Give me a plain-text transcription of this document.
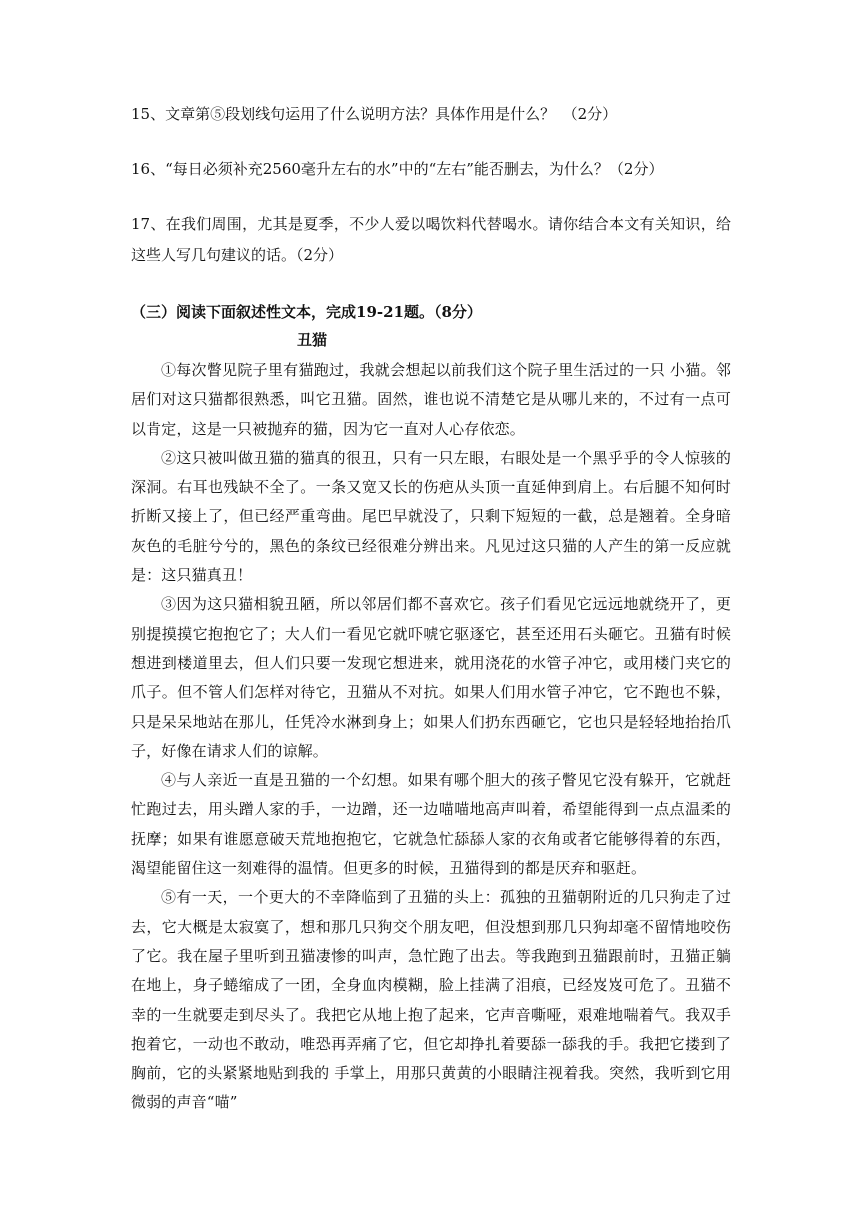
15、文章第⑤段划线句运用了什么说明方法？具体作用是什么？　（2分）

16、“每日必须补充2560毫升左右的水”中的“左右”能否删去，为什么？（2分）

17、在我们周围，尤其是夏季，不少人爱以喝饮料代替喝水。请你结合本文有关知识，给这些人写几句建议的话。（2分）

（三）阅读下面叙述性文本，完成19-21题。（8分）

丑猫

①每次瞥见院子里有猫跑过，我就会想起以前我们这个院子里生活过的一只 小猫。邻居们对这只猫都很熟悉，叫它丑猫。固然，谁也说不清楚它是从哪儿来的，不过有一点可以肯定，这是一只被抛弃的猫，因为它一直对人心存依恋。

②这只被叫做丑猫的猫真的很丑，只有一只左眼，右眼处是一个黑乎乎的令人惊骇的深洞。右耳也残缺不全了。一条又宽又长的伤疤从头顶一直延伸到肩上。右后腿不知何时折断又接上了，但已经严重弯曲。尾巴早就没了，只剩下短短的一截，总是翘着。全身暗灰色的毛脏兮兮的，黑色的条纹已经很难分辨出来。凡见过这只猫的人产生的第一反应就是：这只猫真丑！

③因为这只猫相貌丑陋，所以邻居们都不喜欢它。孩子们看见它远远地就绕开了，更别提摸摸它抱抱它了；大人们一看见它就吓唬它驱逐它，甚至还用石头砸它。丑猫有时候想进到楼道里去，但人们只要一发现它想进来，就用浇花的水管子冲它，或用楼门夹它的爪子。但不管人们怎样对待它，丑猫从不对抗。如果人们用水管子冲它，它不跑也不躲，只是呆呆地站在那儿，任凭冷水淋到身上；如果人们扔东西砸它，它也只是轻轻地抬抬爪子，好像在请求人们的谅解。

④与人亲近一直是丑猫的一个幻想。如果有哪个胆大的孩子瞥见它没有躲开，它就赶忙跑过去，用头蹭人家的手，一边蹭，还一边喵喵地高声叫着，希望能得到一点点温柔的抚摩；如果有谁愿意破天荒地抱抱它，它就急忙舔舔人家的衣角或者它能够得着的东西，渴望能留住这一刻难得的温情。但更多的时候，丑猫得到的都是厌弃和驱赶。

⑤有一天，一个更大的不幸降临到了丑猫的头上：孤独的丑猫朝附近的几只狗走了过去，它大概是太寂寞了，想和那几只狗交个朋友吧，但没想到那几只狗却毫不留情地咬伤了它。我在屋子里听到丑猫凄惨的叫声，急忙跑了出去。等我跑到丑猫跟前时，丑猫正躺在地上，身子蜷缩成了一团，全身血肉模糊，脸上挂满了泪痕，已经岌岌可危了。丑猫不幸的一生就要走到尽头了。我把它从地上抱了起来，它声音嘶哑，艰难地喘着气。我双手抱着它，一动也不敢动，唯恐再弄痛了它，但它却挣扎着要舔一舔我的手。我把它搂到了胸前，它的头紧紧地贴到我的 手掌上，用那只黄黄的小眼睛注视着我。突然，我听到它用微弱的声音“喵”
